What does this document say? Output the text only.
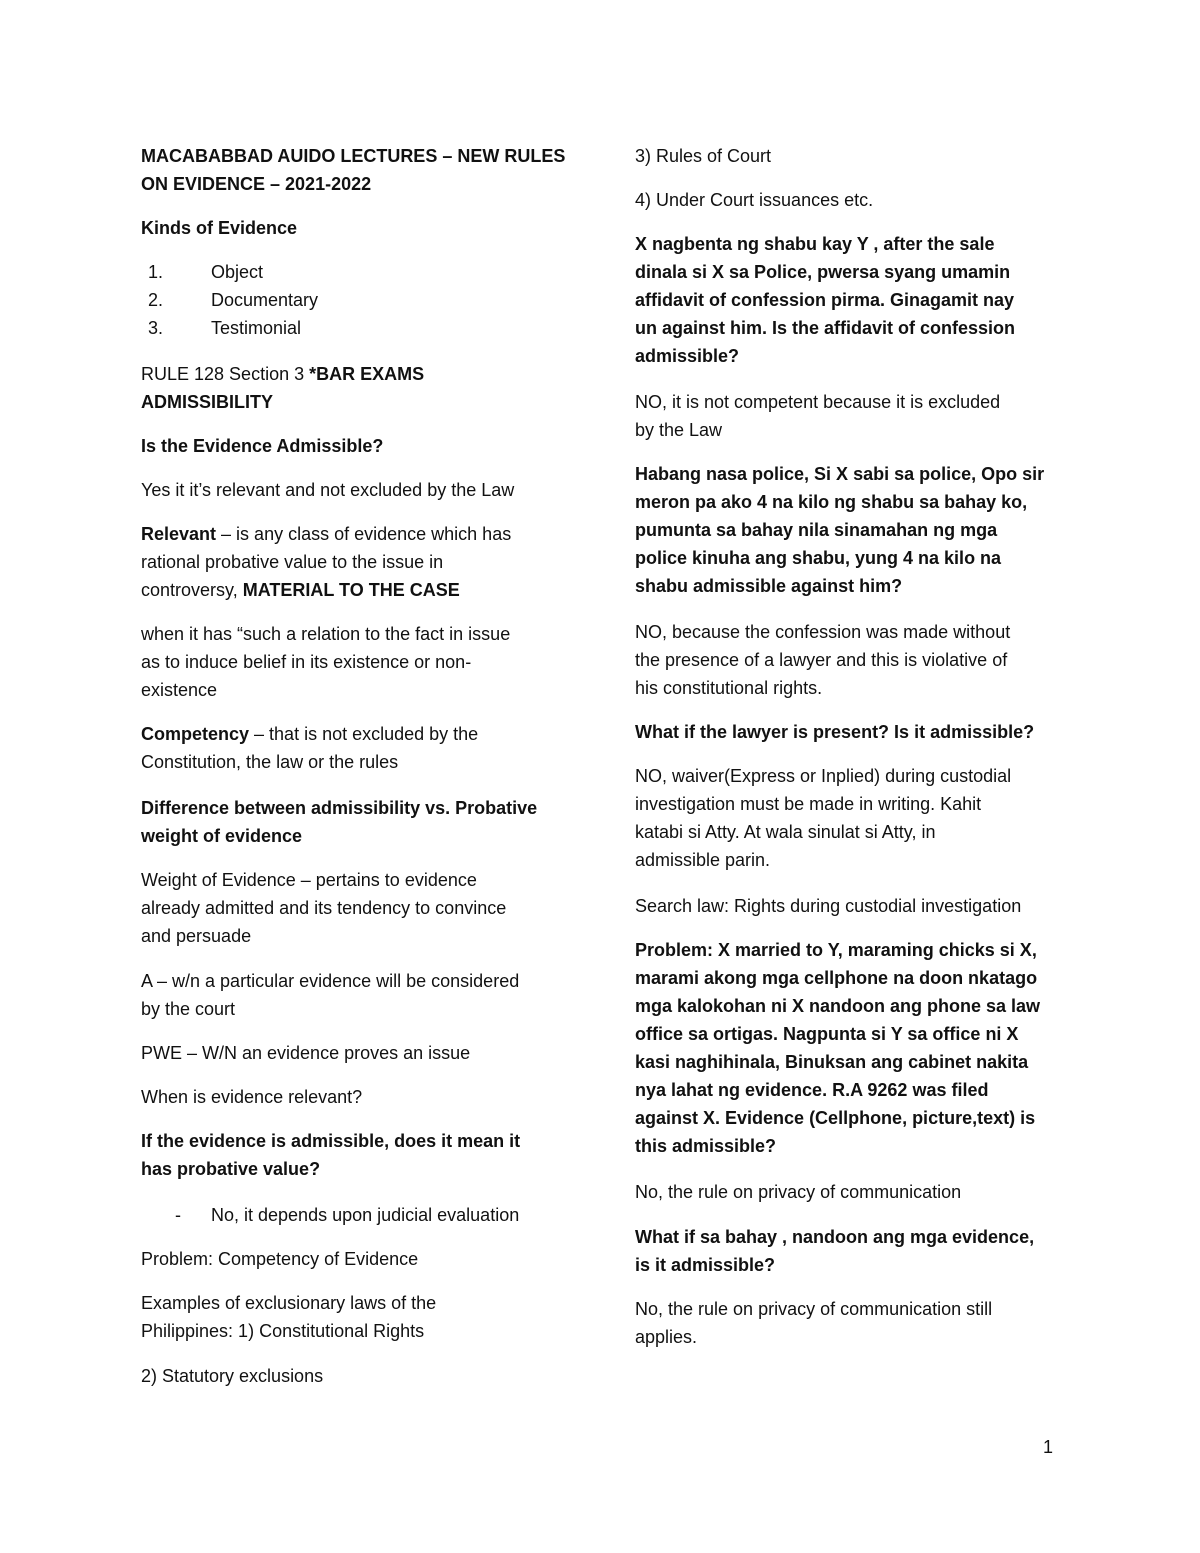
MACABABBAD AUIDO LECTURES – NEW RULES
ON EVIDENCE – 2021-2022
Kinds of Evidence
1.	Object
2.	Documentary
3.	Testimonial
RULE 128 Section 3 *BAR EXAMS
ADMISSIBILITY
Is the Evidence Admissible?
Yes it it’s relevant and not excluded by the Law
Relevant – is any class of evidence which has
rational probative value to the issue in
controversy, MATERIAL TO THE CASE
when it has “such a relation to the fact in issue
as to induce belief in its existence or non-
existence
Competency – that is not excluded by the
Constitution, the law or the rules
Difference between admissibility vs. Probative
weight of evidence
Weight of Evidence – pertains to evidence
already admitted and its tendency to convince
and persuade
A – w/n a particular evidence will be considered
by the court
PWE – W/N an evidence proves an issue
When is evidence relevant?
If the evidence is admissible, does it mean it
has probative value?
- No, it depends upon judicial evaluation
Problem: Competency of Evidence
Examples of exclusionary laws of the
Philippines: 1) Constitutional Rights
2) Statutory exclusions
3) Rules of Court
4) Under Court issuances etc.
X nagbenta ng shabu kay Y , after the sale
dinala si X sa Police, pwersa syang umamin
affidavit of confession pirma. Ginagamit nay
un against him. Is the affidavit of confession
admissible?
NO, it is not competent because it is excluded
by the Law
Habang nasa police, Si X sabi sa police, Opo sir
meron pa ako 4 na kilo ng shabu sa bahay ko,
pumunta sa bahay nila sinamahan ng mga
police kinuha ang shabu, yung 4 na kilo na
shabu admissible against him?
NO, because the confession was made without
the presence of a lawyer and this is violative of
his constitutional rights.
What if the lawyer is present? Is it admissible?
NO, waiver(Express or Inplied) during custodial
investigation must be made in writing. Kahit
katabi si Atty. At wala sinulat si Atty, in
admissible parin.
Search law: Rights during custodial investigation
Problem: X married to Y, maraming chicks si X,
marami akong mga cellphone na doon nkatago
mga kalokohan ni X nandoon ang phone sa law
office sa ortigas. Nagpunta si Y sa office ni X
kasi naghihinala, Binuksan ang cabinet nakita
nya lahat ng evidence. R.A 9262 was filed
against X. Evidence (Cellphone, picture,text) is
this admissible?
No, the rule on privacy of communication
What if sa bahay , nandoon ang mga evidence,
is it admissible?
No, the rule on privacy of communication still
applies.
1
